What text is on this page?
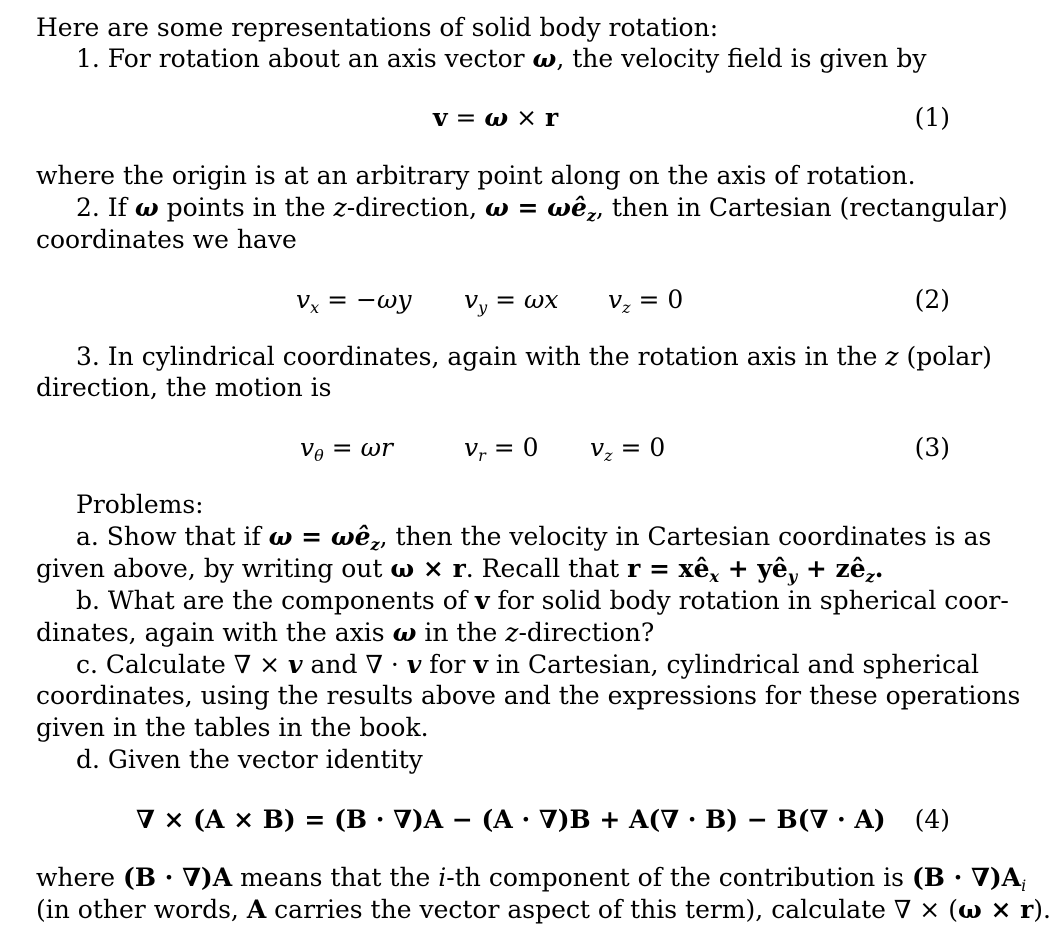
Here are some representations of solid body rotation:
1. For rotation about an axis vector ω, the velocity field is given by
v = ω × r	(1)
where the origin is at an arbitrary point along on the axis of rotation.
2. If ω points in the z-direction, $\omega = \omega ê_z$, then in Cartesian (rectangular)
coordinates we have
$v_x = -\omega y$ $v_y = \omega x$ $v_z = 0$	(2)
3. In cylindrical coordinates, again with the rotation axis in the z (polar)
direction, the motion is
$v_\theta = \omega r$	$v_r = 0$ $v_z = 0$	(3)
Problems:
a. Show that if $\omega = \omega ê_z$, then the velocity in Cartesian coordinates is as
given above, by writing out ω × r. Recall that $r = xê_x$ + $yê_y$ + $zê_z$.
b. What are the components of v for solid body rotation in spherical coor-
dinates, again with the axis ω in the z-direction?
c. Calculate ∇ × v and ∇ · v for v in Cartesian, cylindrical and spherical
coordinates, using the results above and the expressions for these operations
given in the tables in the book.
d. Given the vector identity
∇ × (A × B) = (B · ∇)A − (A · ∇)B + A(∇ · B) − B(∇ · A) (4)
where (B · ∇)A means that the i-th component of the contribution is $(B \cdot \nabla)A_i$
(in other words, A carries the vector aspect of this term), calculate ∇ × (ω × r).
